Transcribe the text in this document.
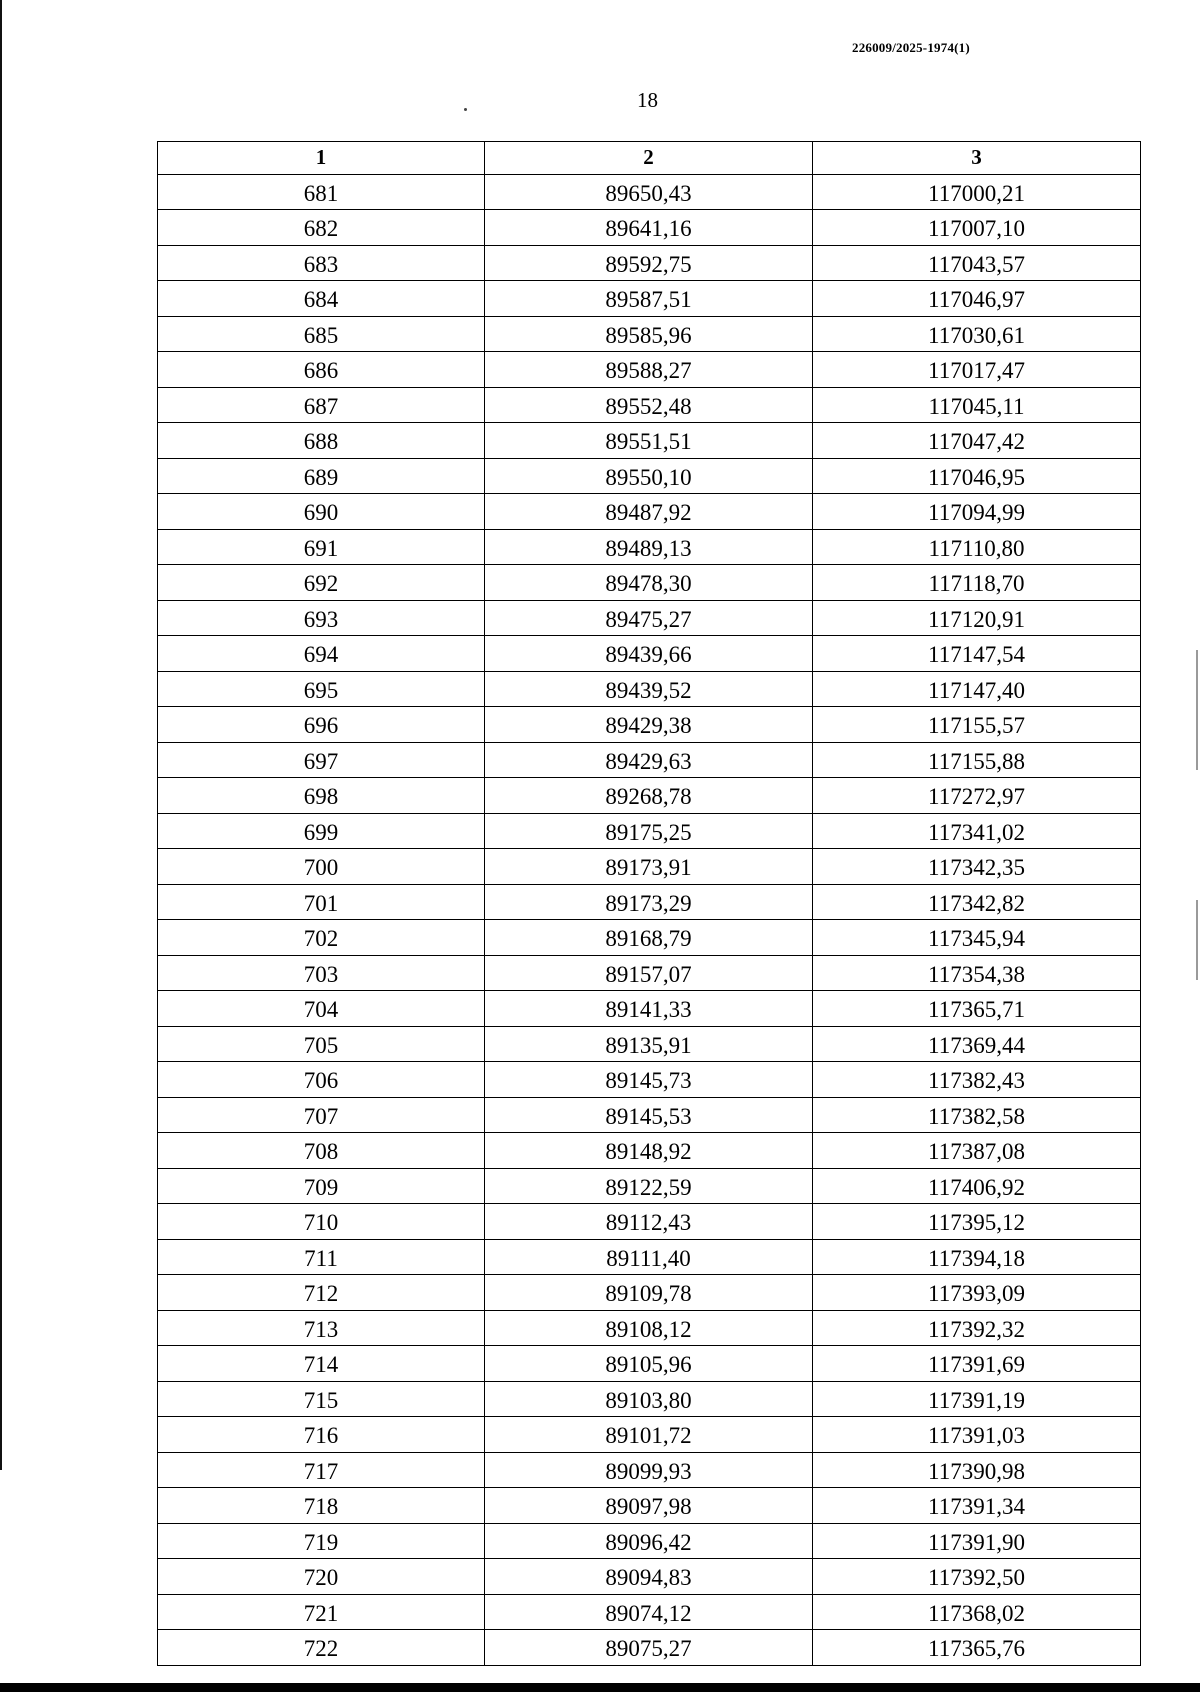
226009/2025-1974(1)
18
1	2	3
681	89650,43	117000,21
682	89641,16	117007,10
683	89592,75	117043,57
684	89587,51	117046,97
685	89585,96	117030,61
686	89588,27	117017,47
687	89552,48	117045,11
688	89551,51	117047,42
689	89550,10	117046,95
690	89487,92	117094,99
691	89489,13	117110,80
692	89478,30	117118,70
693	89475,27	117120,91
694	89439,66	117147,54
695	89439,52	117147,40
696	89429,38	117155,57
697	89429,63	117155,88
698	89268,78	117272,97
699	89175,25	117341,02
700	89173,91	117342,35
701	89173,29	117342,82
702	89168,79	117345,94
703	89157,07	117354,38
704	89141,33	117365,71
705	89135,91	117369,44
706	89145,73	117382,43
707	89145,53	117382,58
708	89148,92	117387,08
709	89122,59	117406,92
710	89112,43	117395,12
711	89111,40	117394,18
712	89109,78	117393,09
713	89108,12	117392,32
714	89105,96	117391,69
715	89103,80	117391,19
716	89101,72	117391,03
717	89099,93	117390,98
718	89097,98	117391,34
719	89096,42	117391,90
720	89094,83	117392,50
721	89074,12	117368,02
722	89075,27	117365,76
